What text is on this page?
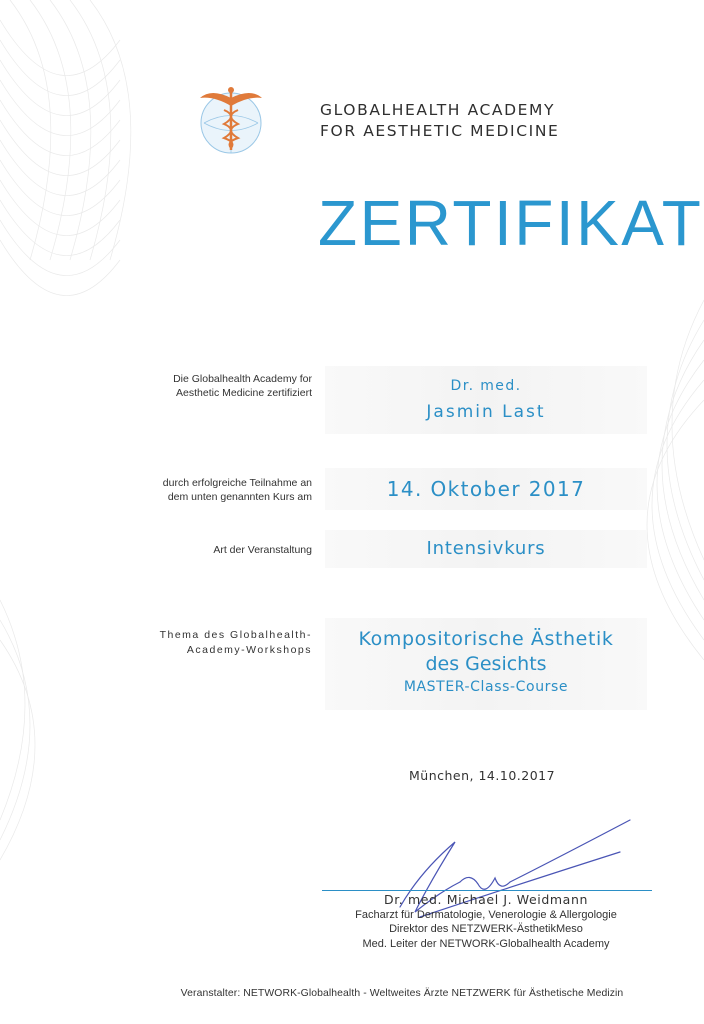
GLOBALHEALTH ACADEMY
FOR AESTHETIC MEDICINE
ZERTIFIKAT
Die Globalhealth Academy for
Aesthetic Medicine zertifiziert	Dr. med.
Jasmin Last
durch erfolgreiche Teilnahme an
dem unten genannten Kurs am	14. Oktober 2017
Art der Veranstaltung	Intensivkurs
Thema des Globalhealth-
Academy-Workshops	Kompositorische Ästhetik
des Gesichts
MASTER-Class-Course
München, 14.10.2017
Dr. med. Michael J. Weidmann
Facharzt für Dermatologie, Venerologie & Allergologie
Direktor des NETZWERK-ÄsthetikMeso
Med. Leiter der NETWORK-Globalhealth Academy
Veranstalter: NETWORK-Globalhealth - Weltweites Ärzte NETZWERK für Ästhetische Medizin
